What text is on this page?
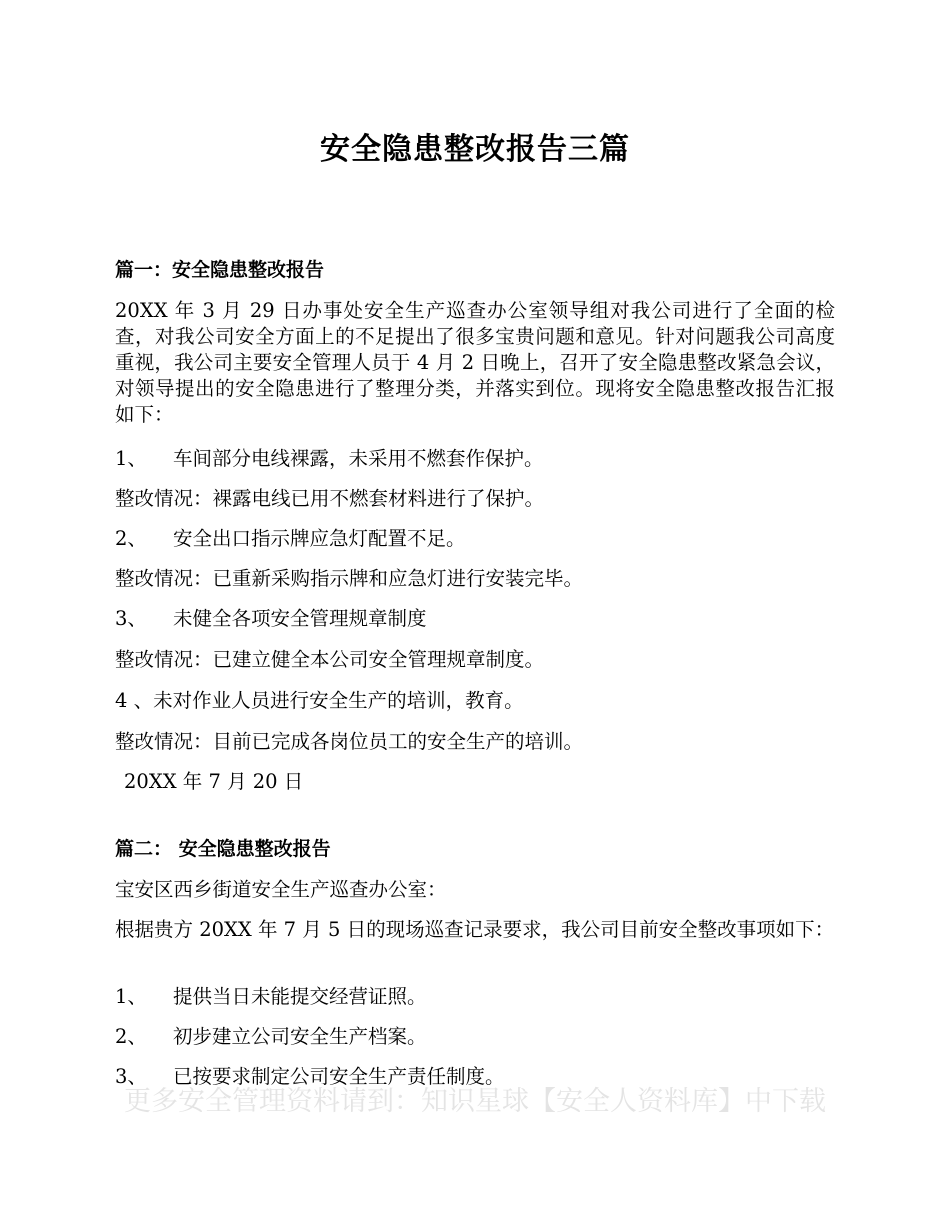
安全隐患整改报告三篇
篇一：安全隐患整改报告
20XX 年 3 月 29 日办事处安全生产巡查办公室领导组对我公司进行了全面的检查，对我公司安全方面上的不足提出了很多宝贵问题和意见。针对问题我公司高度重视，我公司主要安全管理人员于 4 月 2 日晚上，召开了安全隐患整改紧急会议，对领导提出的安全隐患进行了整理分类，并落实到位。现将安全隐患整改报告汇报如下：
1、 车间部分电线裸露，未采用不燃套作保护。
整改情况：裸露电线已用不燃套材料进行了保护。
2、 安全出口指示牌应急灯配置不足。
整改情况：已重新采购指示牌和应急灯进行安装完毕。
3、 未健全各项安全管理规章制度
整改情况：已建立健全本公司安全管理规章制度。
4 、未对作业人员进行安全生产的培训，教育。
整改情况：目前已完成各岗位员工的安全生产的培训。
20XX 年 7 月 20 日
篇二： 安全隐患整改报告
宝安区西乡街道安全生产巡查办公室：
根据贵方 20XX 年 7 月 5 日的现场巡查记录要求，我公司目前安全整改事项如下：
1、 提供当日未能提交经营证照。
2、 初步建立公司安全生产档案。
3、 已按要求制定公司安全生产责任制度。
更多安全管理资料请到：知识星球【安全人资料库】中下载
